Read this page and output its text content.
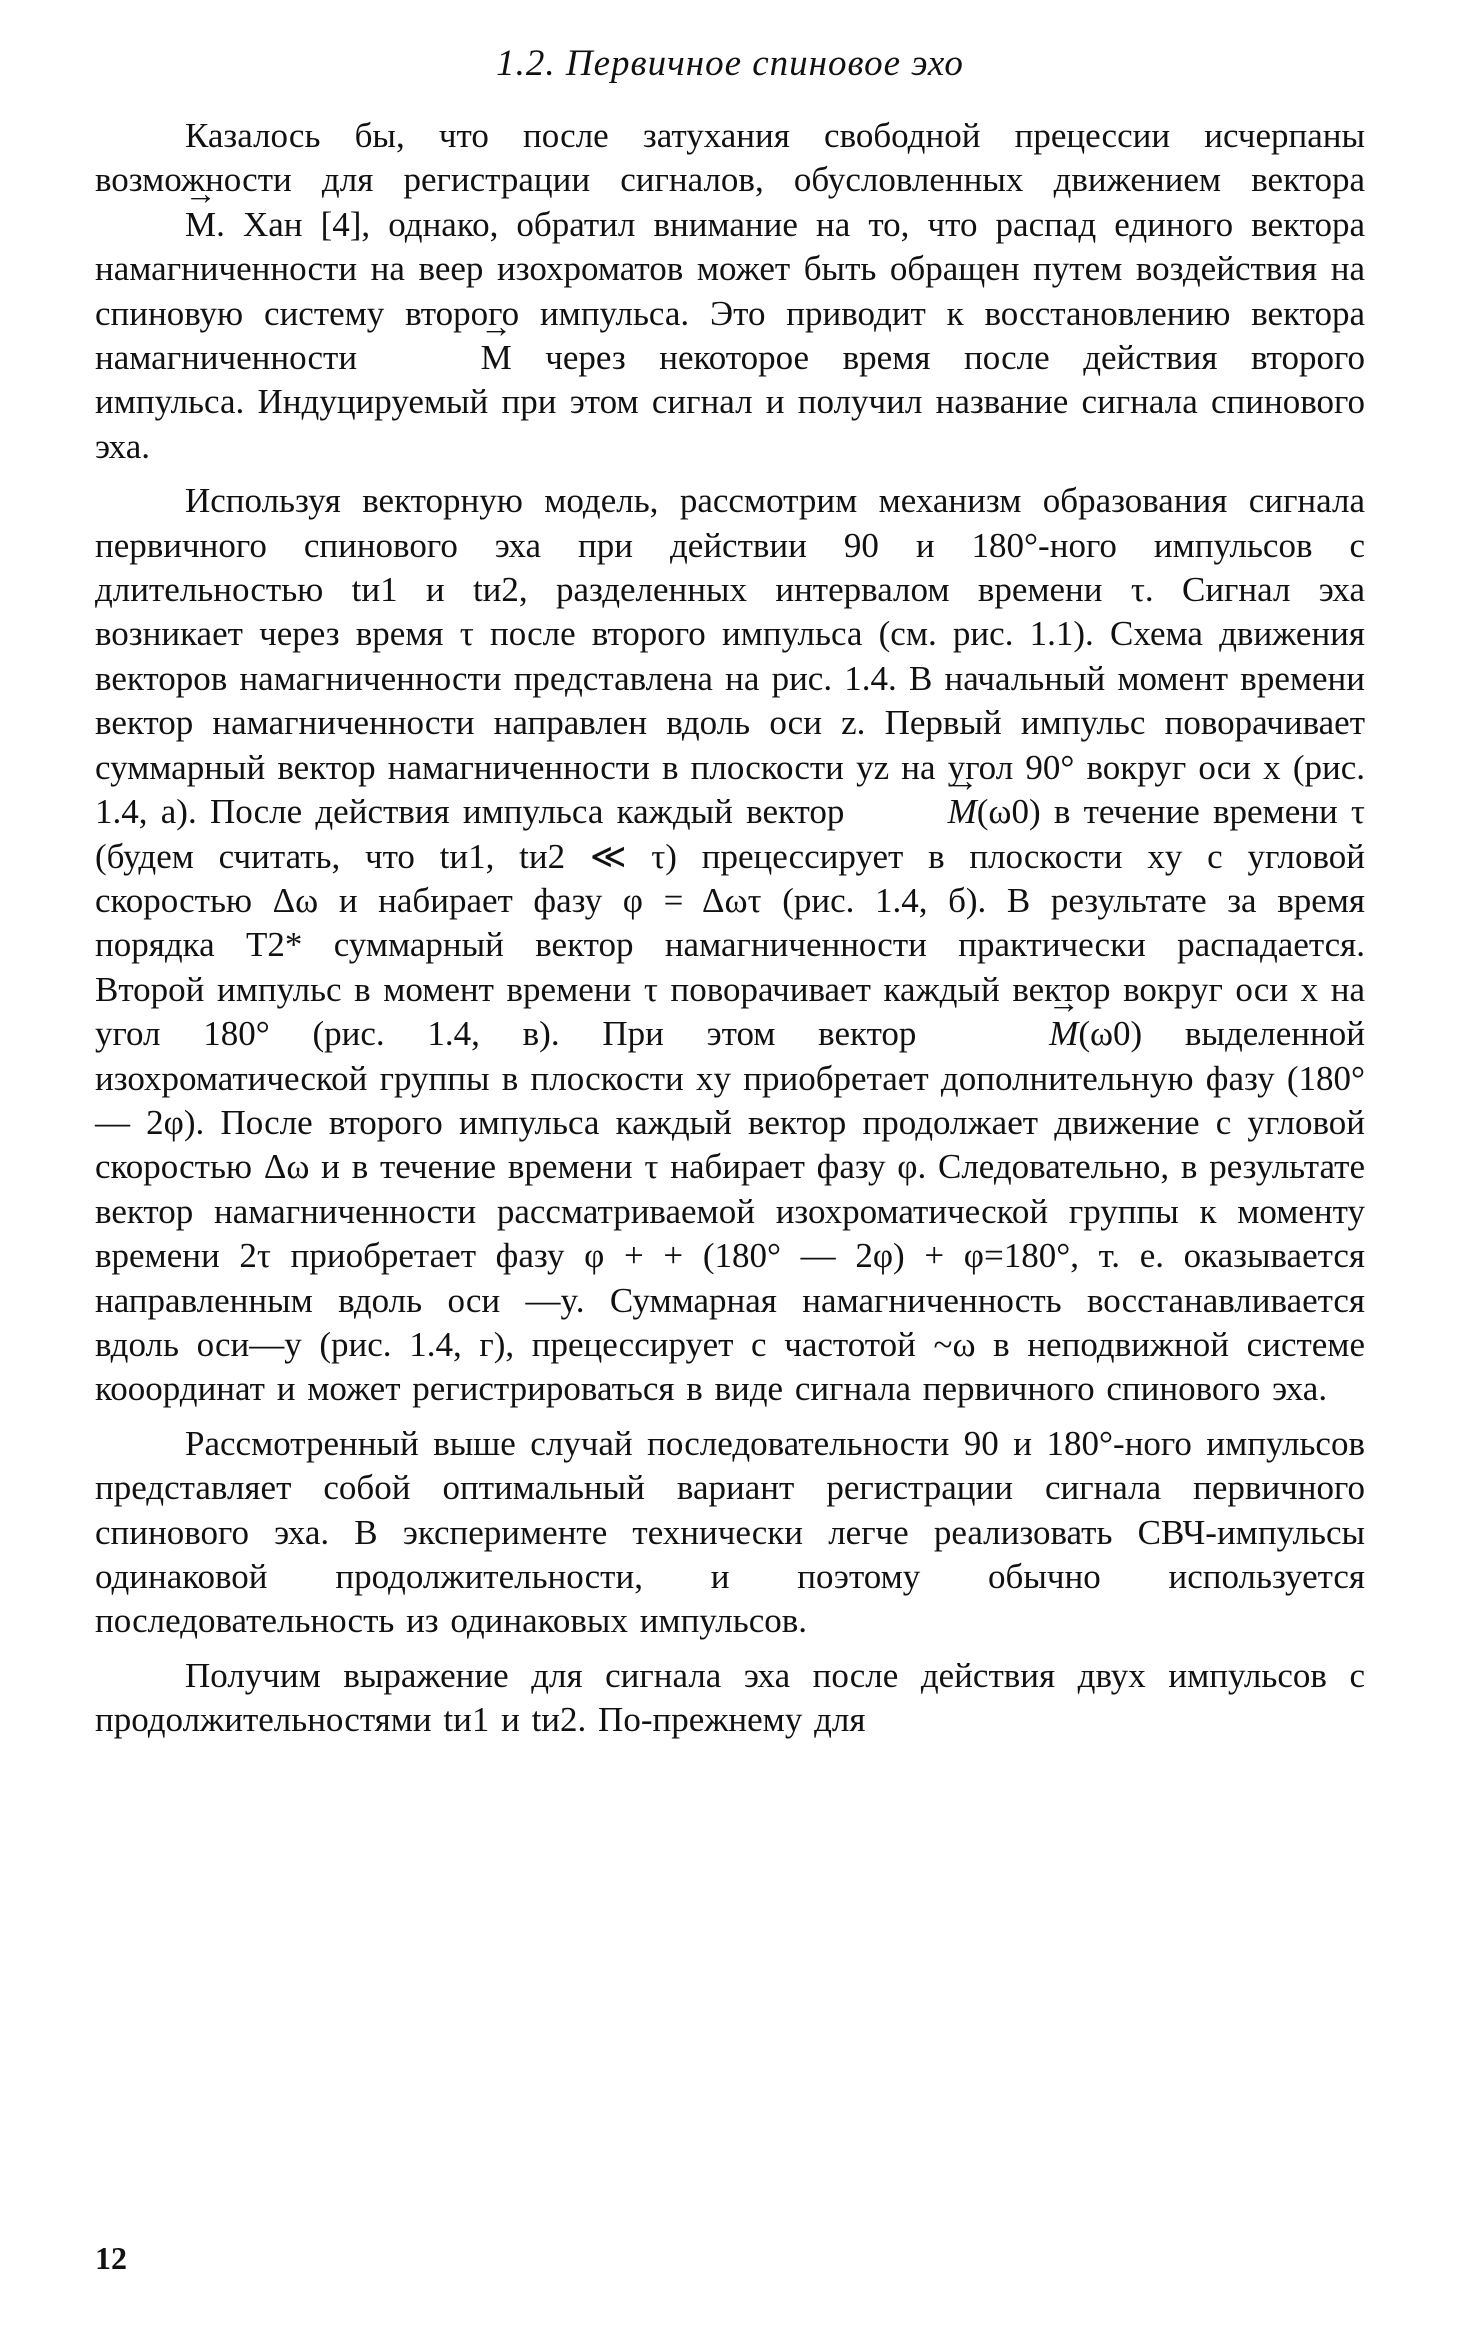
1.2. Первичное спиновое эхо

Казалось бы, что после затухания свободной прецессии исчерпаны возможности для регистрации сигналов, обусловленных движением вектора → М. Хан [4], однако, обратил внимание на то, что распад единого вектора намагниченности на веер изохроматов может быть обращен путем воздействия на спиновую систему второго импульса. Это приводит к восстановлению вектора намагниченности	→ М через некоторое время после действия второго импульса. Индуцируемый при этом сигнал и получил название сигнала спинового эха.

Используя векторную модель, рассмотрим механизм образования сигнала первичного спинового эха при действии 90 и 180°-ного импульсов с длительностью tи1 и tи2, разделенных интервалом времени τ. Сигнал эха возникает через время τ после второго импульса (см. рис. 1.1). Схема движения векторов намагниченности представлена на рис. 1.4. В начальный момент времени вектор намагниченности направлен вдоль оси z. Первый импульс поворачивает суммарный вектор намагниченности в плоскости yz на угол 90° вокруг оси x (рис. 1.4, а). После действия импульса каждый вектор	→ M(ω0) в течение времени τ (будем считать, что tи1, tи2 ≪ τ) прецессирует в плоскости xy с угловой скоростью Δω и набирает фазу φ = Δωτ (рис. 1.4, б). В результате за время порядка T2* суммарный вектор намагниченности практически распадается. Второй импульс в момент времени τ поворачивает каждый вектор вокруг оси x на угол 180° (рис. 1.4, в). При этом вектор	→ M(ω0) выделенной изохроматической группы в плоскости xy приобретает дополнительную фазу (180° — 2φ). После второго импульса каждый вектор продолжает движение с угловой скоростью Δω и в течение времени τ набирает фазу φ. Следовательно, в результате вектор намагниченности рассматриваемой изохроматической группы к моменту времени 2τ приобретает фазу φ + + (180° — 2φ) + φ=180°, т. е. оказывается направленным вдоль оси —y. Суммарная намагниченность восстанавливается вдоль оси—y (рис. 1.4, г), прецессирует с частотой ~ω в неподвижной системе кооординат и может регистрироваться в виде сигнала первичного спинового эха.

Рассмотренный выше случай последовательности 90 и 180°-ного импульсов представляет собой оптимальный вариант регистрации сигнала первичного спинового эха. В эксперименте технически легче реализовать СВЧ-импульсы одинаковой продолжительности, и поэтому обычно используется последовательность из одинаковых импульсов.

Получим выражение для сигнала эха после действия двух импульсов с продолжительностями tи1 и tи2. По-прежнему для

12
